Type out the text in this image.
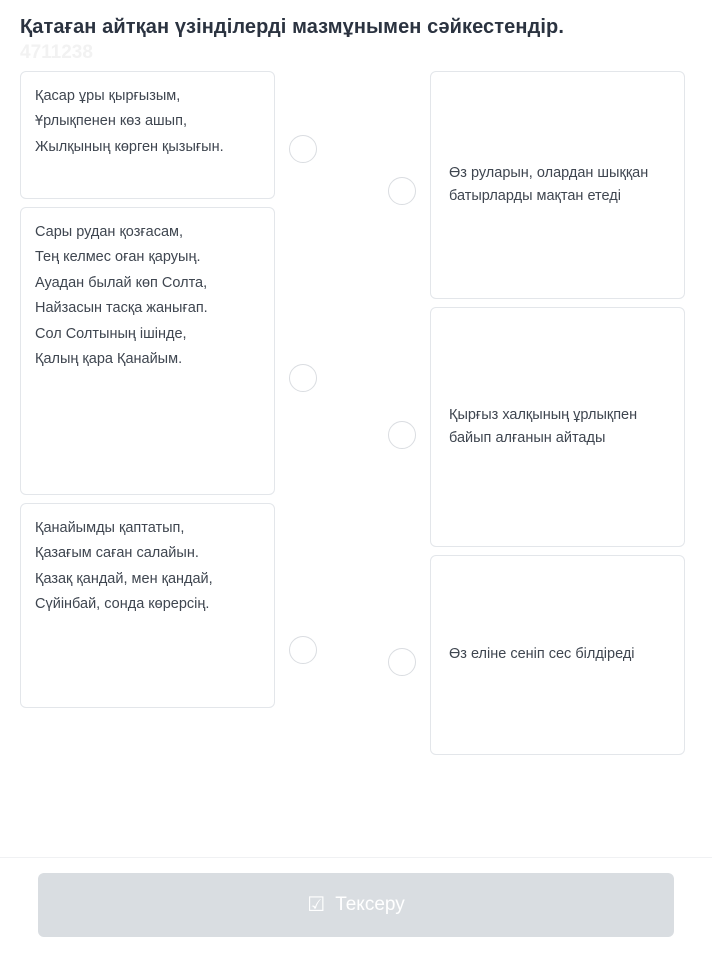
Қатаған айтқан үзінділерді мазмұнымен сәйкестендір.
4711238

Қасар ұры қырғызым,

Ұрлықпенен көз ашып,

Жылқының көрген қызығын.

Сары рудан қозғасам,

Тең келмес оған қаруың.

Ауадан былай көп Солта,

Найзасын тасқа жанығап.

Сол Солтының ішінде,

Қалың қара Қанайым.

Қанайымды қаптатып,

Қазағым саған салайын.

Қазақ қандай, мен қандай,

Сүйінбай, сонда көрерсің.

Өз руларын, олардан шыққан батырларды мақтан етеді
Қырғыз халқының ұрлықпен байып алғанын айтады
Өз еліне сеніп сес білдіреді
☑ Тексеру
